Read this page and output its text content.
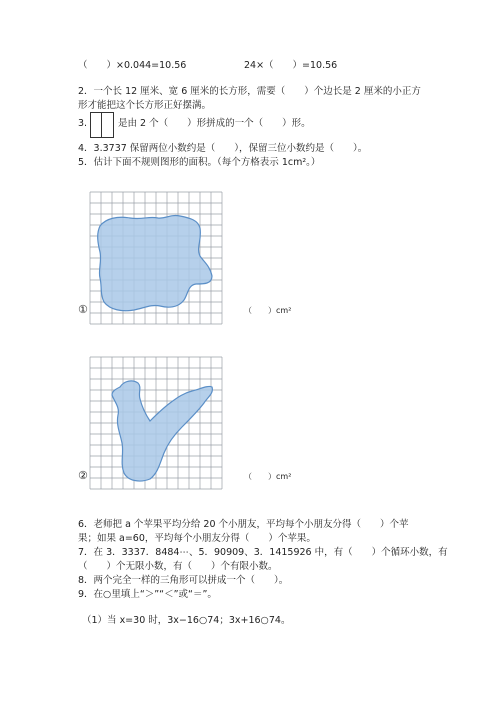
（　　）×0.044=10.56	24×（　　）=10.56
2．一个长 12 厘米、宽 6 厘米的长方形，需要（　　）个边长是 2 厘米的小正方
形才能把这个长方形正好摆满。
3.	是由 2 个（　　）形拼成的一个（　　）形。
4．3.3737 保留两位小数约是（　　），保留三位小数约是（　　）。
5．估计下面不规则图形的面积。（每个方格表示 1cm²。）
①	（　　）cm²
②	（　　）cm²
6．老师把 a 个苹果平均分给 20 个小朋友，平均每个小朋友分得（　　）个苹
果；如果 a=60，平均每个小朋友分得（　　）个苹果。
7．在 3．3337．8484⋯、5．90909、3．1415926 中，有（　　）个循环小数，有
（　　）个无限小数，有（　　）个有限小数。
8．两个完全一样的三角形可以拼成一个（　　）。
9．在○里填上“＞”“＜”或“＝”。
（1）当 x=30 时，3x−16○74；3x+16○74。
